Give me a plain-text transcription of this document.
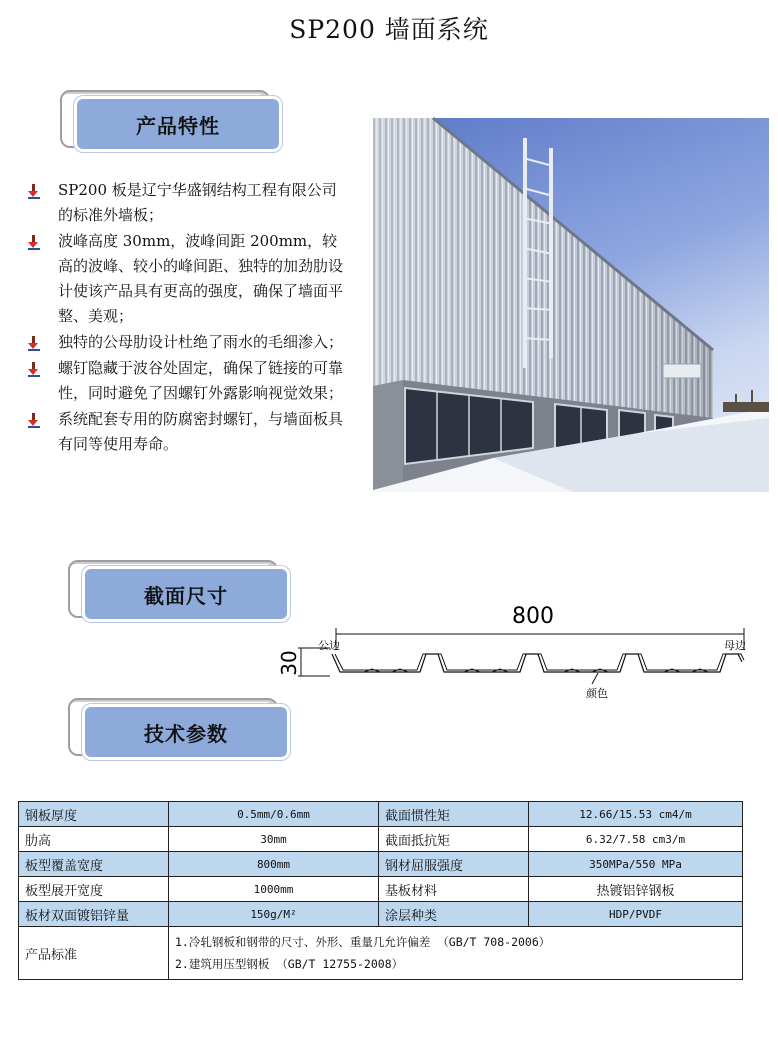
SP200 墙面系统
产品特性
SP200 板是辽宁华盛钢结构工程有限公司的标准外墙板；
波峰高度 30mm，波峰间距 200mm，较高的波峰、较小的峰间距、独特的加劲肋设计使该产品具有更高的强度，确保了墙面平整、美观；
独特的公母肋设计杜绝了雨水的毛细渗入；
螺钉隐藏于波谷处固定，确保了链接的可靠性，同时避免了因螺钉外露影响视觉效果；
系统配套专用的防腐密封螺钉，与墙面板具有同等使用寿命。
截面尺寸
800
30
公边	母边
颜色
技术参数
钢板厚度	0.5mm/0.6mm	截面惯性矩	12.66/15.53 cm4/m
肋高	30mm	截面抵抗矩	6.32/7.58 cm3/m
板型覆盖宽度	800mm	钢材屈服强度	350MPa/550 MPa
板型展开宽度	1000mm	基板材料	热镀铝锌钢板
板材双面镀铝锌量	150g/M²	涂层种类	HDP/PVDF
产品标准	1.冷轧钢板和钢带的尺寸、外形、重量几允许偏差 （GB/T 708-2006）
2.建筑用压型钢板 （GB/T 12755-2008）		
